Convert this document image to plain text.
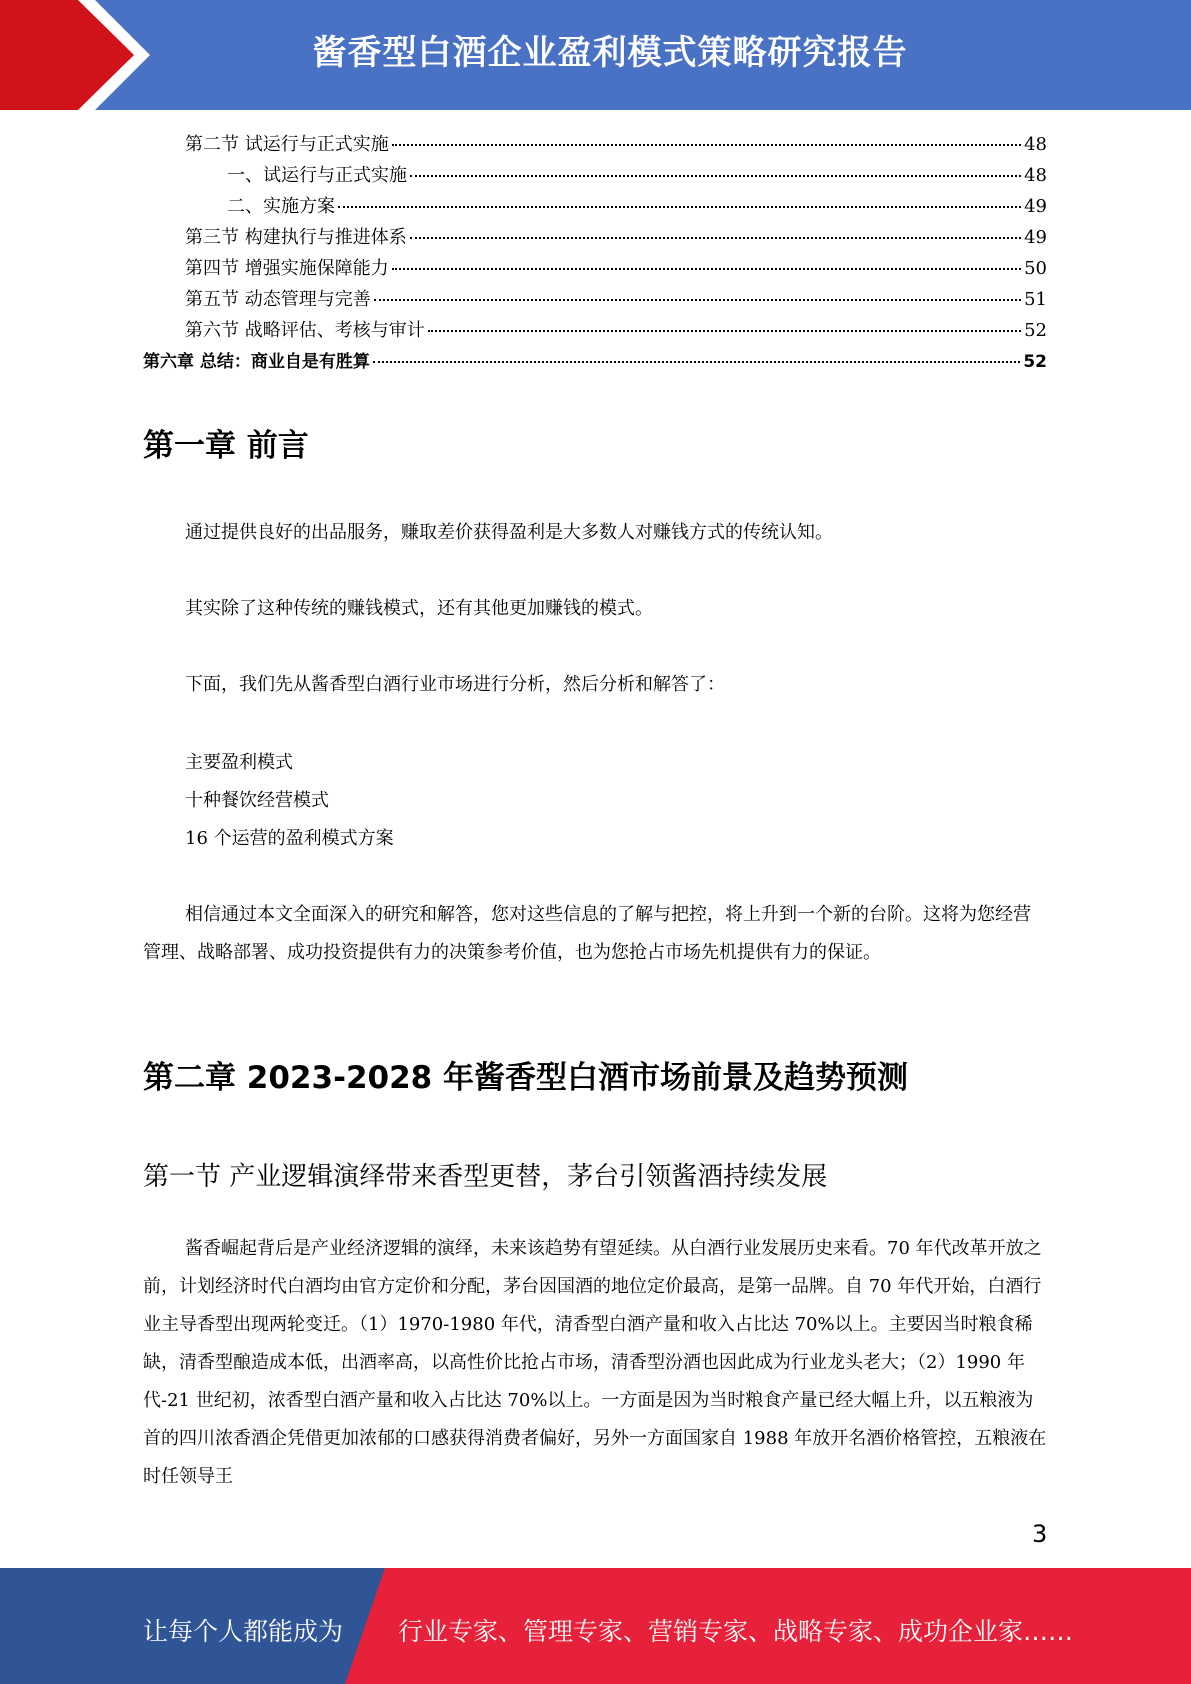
酱香型白酒企业盈利模式策略研究报告
第二节 试运行与正式实施	48
一、试运行与正式实施	48
二、实施方案	49
第三节 构建执行与推进体系	49
第四节 增强实施保障能力	50
第五节 动态管理与完善	51
第六节 战略评估、考核与审计	52
第六章 总结：商业自是有胜算	52
第一章 前言

通过提供良好的出品服务，赚取差价获得盈利是大多数人对赚钱方式的传统认知。

其实除了这种传统的赚钱模式，还有其他更加赚钱的模式。

下面，我们先从酱香型白酒行业市场进行分析，然后分析和解答了：

主要盈利模式

十种餐饮经营模式

16 个运营的盈利模式方案

相信通过本文全面深入的研究和解答，您对这些信息的了解与把控，将上升到一个新的台阶。这将为您经营管理、战略部署、成功投资提供有力的决策参考价值，也为您抢占市场先机提供有力的保证。

第二章 2023-2028 年酱香型白酒市场前景及趋势预测
第一节 产业逻辑演绎带来香型更替，茅台引领酱酒持续发展

酱香崛起背后是产业经济逻辑的演绎，未来该趋势有望延续。从白酒行业发展历史来看。70 年代改革开放之前，计划经济时代白酒均由官方定价和分配，茅台因国酒的地位定价最高，是第一品牌。自 70 年代开始，白酒行业主导香型出现两轮变迁。（1）1970-1980 年代，清香型白酒产量和收入占比达 70%以上。主要因当时粮食稀缺，清香型酿造成本低，出酒率高，以高性价比抢占市场，清香型汾酒也因此成为行业龙头老大；（2）1990 年代-21 世纪初，浓香型白酒产量和收入占比达 70%以上。一方面是因为当时粮食产量已经大幅上升，以五粮液为首的四川浓香酒企凭借更加浓郁的口感获得消费者偏好，另外一方面国家自 1988 年放开名酒价格管控，五粮液在时任领导王

3
让每个人都能成为 行业专家、管理专家、营销专家、战略专家、成功企业家……
